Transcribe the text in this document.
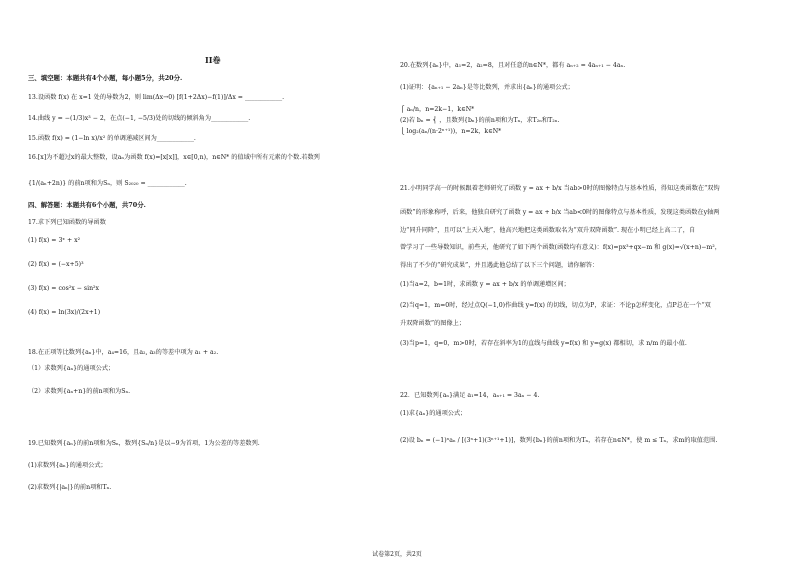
II卷
三、填空题：本题共有4个小题，每小题5分，共20分.
13.设函数 f(x) 在 x=1 处的导数为2，则 lim(Δx→0) [f(1+2Δx)−f(1)]/Δx = ____________.
14.曲线 y = −(1/3)x³ − 2，在点(−1, −5/3)处的切线的倾斜角为____________.
15.函数 f(x) = (1−ln x)/x² 的单调递减区间为____________.
16.[x]为不超过x的最大整数，设aₙ为函数 f(x)=[x[x]]，x∈[0,n)，n∈N* 的值域中所有元素的个数.若数列
{1/(aₙ+2n)} 的前n项和为Sₙ，则 S₂₀₂₀ = ____________.
四、解答题：本题共有6个小题，共70分.
17.求下列已知函数的导函数
(1) f(x) = 3ˣ + x²
(2) f(x) = (−x+5)³
(3) f(x) = cos²x − sin²x
(4) f(x) = ln(3x)/(2x+1)
18.在正项等比数列{aₙ}中，a₄=16，且a₂, a₃的等差中项为 a₁ + a₂.
（1）求数列{aₙ}的通项公式；
（2）求数列{aₙ+n}的前n项和为Sₙ.
19.已知数列{aₙ}的前n项和为Sₙ，数列{Sₙ/n}是以−9为首项，1为公差的等差数列.
(1)求数列{aₙ}的通项公式；
(2)求数列{|aₙ|}的前n项和Tₙ.
20.在数列{aₙ}中，a₁=2，a₂=8，且对任意的n∈N*，都有 aₙ₊₂ = 4aₙ₊₁ − 4aₙ.
(1)证明：{aₙ₊₁ − 2aₙ}是等比数列，并求出{aₙ}的通项公式；
⎧ aₙ/n，n=2k−1，k∈N*
(2)若 bₙ = ⎨ ，且数列{bₙ}的前n项和为Tₙ，求T₂ₙ和T₂ₙ.
⎩ log₂(aₙ/(n·2ⁿ⁺¹))，n=2k，k∈N*
21.小明同学高一的时候跟着老师研究了函数 y = ax + b/x 当ab>0时的图像特点与基本性质，得知这类函数在“双钩
函数”的形象称呼，后来，他独自研究了函数 y = ax + b/x 当ab<0时的图像特点与基本性质，发现这类函数在y轴两
边“同升同降”，且可以“上天入地”，他高兴地把这类函数取名为“双升双降函数”. 现在小明已经上高二了，自
曾学习了一些导数知识，前些天，他研究了如下两个函数(函数均有意义)：f(x)=px³+qx−m 和 g(x)=√(x+n)−m²，
得出了不少的“研究成果”，并且遇此他总结了以下三个问题，请你解答：
(1)当a=2，b=1时，求函数 y = ax + b/x 的单调递增区间；
(2)当q=1，m=0时，经过点Q(−1,0)作曲线 y=f(x) 的切线，切点为P，求证：不论p怎样变化，点P总在一个“双
升双降函数”的图像上；
(3)当p=1，q=0，m>0时，若存在斜率为1的直线与曲线 y=f(x) 和 y=g(x) 都相切，求 n/m 的最小值.
22．已知数列{aₙ}满足 a₁=14，aₙ₊₁ = 3aₙ − 4.
(1)求{aₙ}的通项公式；
(2)设 bₙ = (−1)ⁿaₙ / [(3ⁿ+1)(3ⁿ⁺¹+1)]，数列{bₙ}的前n项和为Tₙ，若存在n∈N*，使 m ≤ Tₙ，求m的取值范围.
试卷第2页，共2页
